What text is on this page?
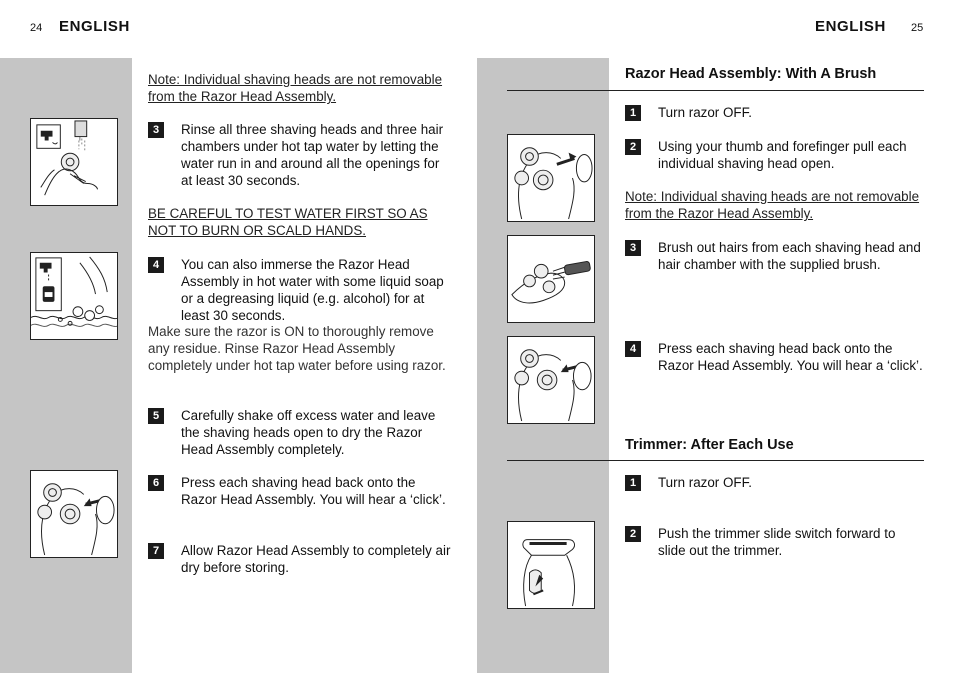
24 ENGLISH
Note: Individual shaving heads are not removable from the Razor Head Assembly.
3	Rinse all three shaving heads and three hair chambers under hot tap water by letting the water run in and around all the openings for at least 30 seconds.
BE CAREFUL TO TEST WATER FIRST SO AS NOT TO BURN OR SCALD HANDS.
4	You can also immerse the Razor Head Assembly in hot water with some liquid soap or a degreasing liquid (e.g. alcohol) for at least 30 seconds.
Make sure the razor is ON to thoroughly remove any residue. Rinse Razor Head Assembly completely under hot tap water before using razor.
5	Carefully shake off excess water and leave the shaving heads open to dry the Razor Head Assembly completely.
6	Press each shaving head back onto the Razor Head Assembly. You will hear a ‘click’.
7	Allow Razor Head Assembly to completely air dry before storing.
ENGLISH 25
Razor Head Assembly: With A Brush
1	Turn razor OFF.
2	Using your thumb and forefinger pull each individual shaving head open.
Note: Individual shaving heads are not removable from the Razor Head Assembly.
3	Brush out hairs from each shaving head and hair chamber with the supplied brush.
4	Press each shaving head back onto the Razor Head Assembly. You will hear a ‘click’.
Trimmer: After Each Use
1	Turn razor OFF.
2	Push the trimmer slide switch forward to slide out the trimmer.
